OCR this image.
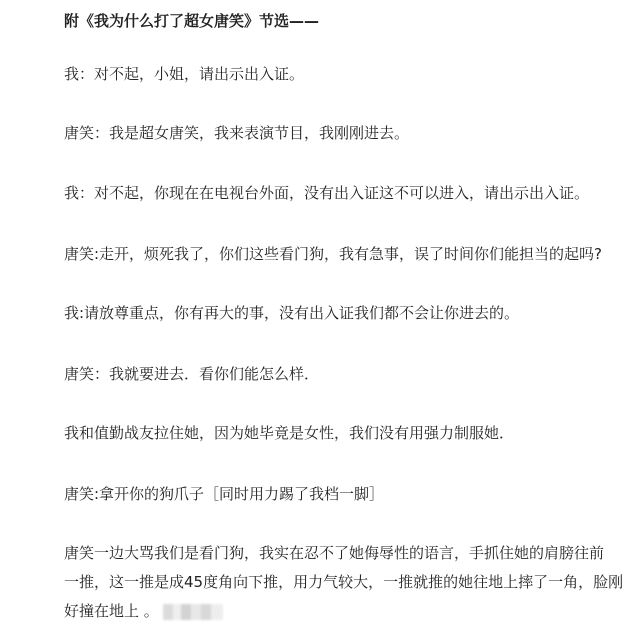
附《我为什么打了超女唐笑》节选——
我：对不起，小姐，请出示出入证。
唐笑：我是超女唐笑，我来表演节目，我刚刚进去。
我：对不起，你现在在电视台外面，没有出入证这不可以进入，请出示出入证。
唐笑:走开，烦死我了，你们这些看门狗，我有急事，误了时间你们能担当的起吗?
我:请放尊重点，你有再大的事，没有出入证我们都不会让你进去的。
唐笑：我就要进去．看你们能怎么样．
我和值勤战友拉住她，因为她毕竟是女性，我们没有用强力制服她．
唐笑:拿开你的狗爪子［同时用力踢了我档一脚］
唐笑一边大骂我们是看门狗，我实在忍不了她侮辱性的语言，手抓住她的肩膀往前
一推，这一推是成45度角向下推，用力气较大，一推就推的她往地上摔了一角，脸刚
好撞在地上 。
